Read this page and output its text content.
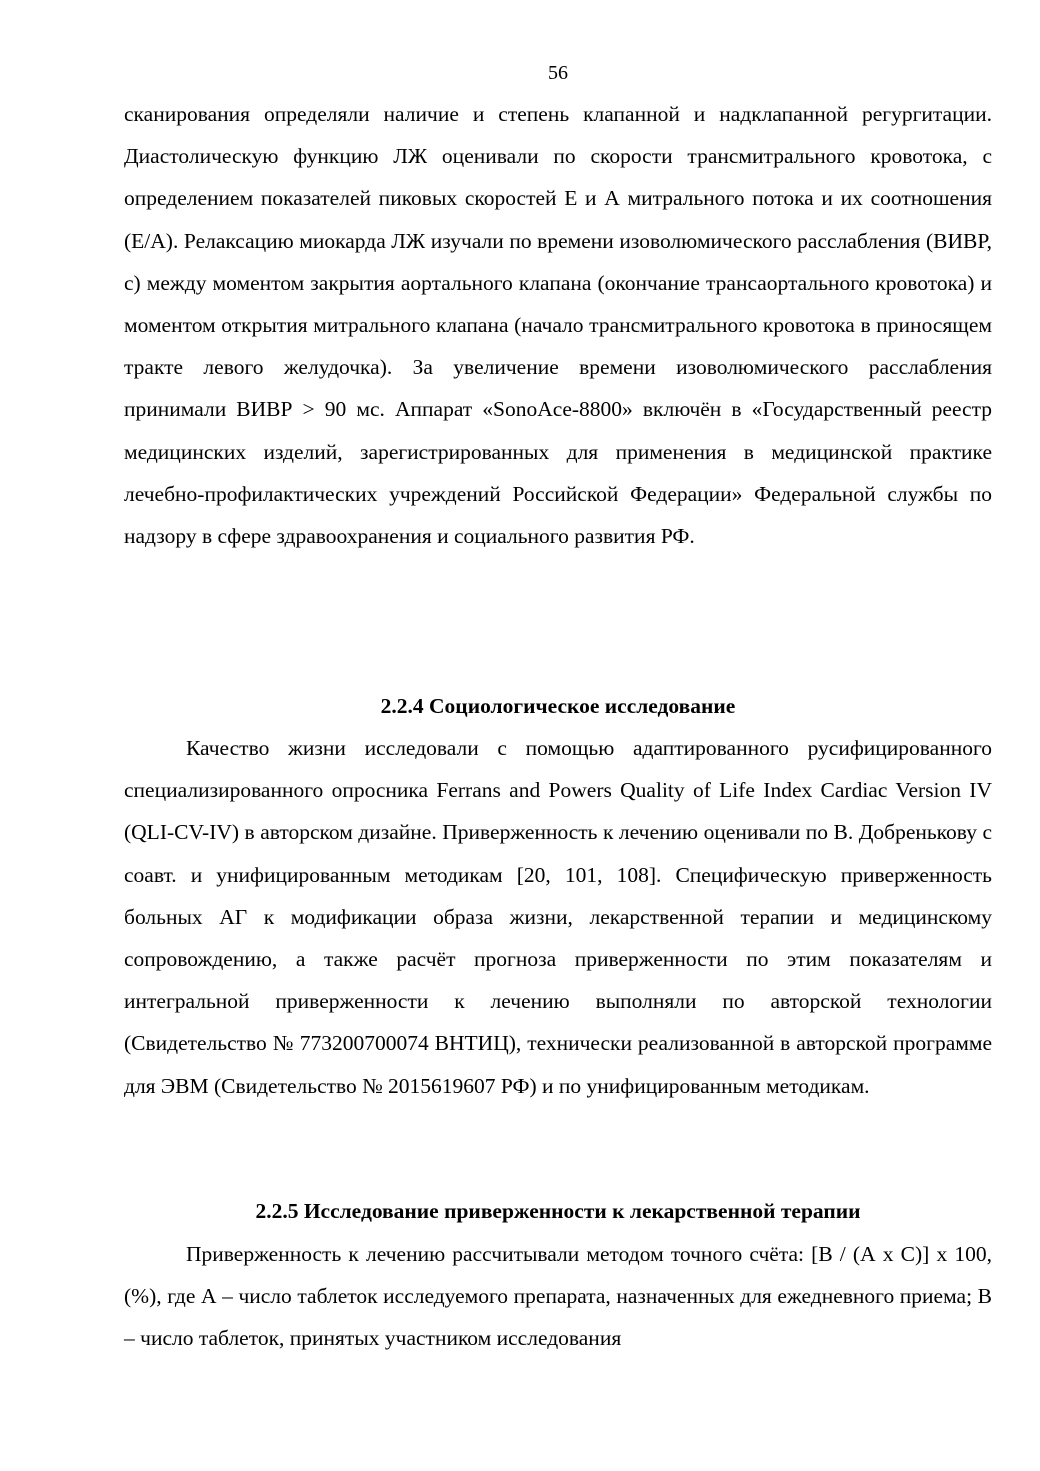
56

сканирования определяли наличие и степень клапанной и надклапанной регургитации. Диастолическую функцию ЛЖ оценивали по скорости трансмитрального кровотока, с определением показателей пиковых скоростей Е и А митрального потока и их соотношения (Е/А). Релаксацию миокарда ЛЖ изучали по времени изоволюмического расслабления (ВИВР, с) между моментом закрытия аортального клапана (окончание трансаортального кровотока) и моментом открытия митрального клапана (начало трансмитрального кровотока в приносящем тракте левого желудочка). За увеличение времени изоволюмического расслабления принимали ВИВР > 90 мс. Аппарат «SonoAce-8800» включён в «Государственный реестр медицинских изделий, зарегистрированных для применения в медицинской практике лечебно-профилактических учреждений Российской Федерации» Федеральной службы по надзору в сфере здравоохранения и социального развития РФ.

2.2.4 Социологическое исследование

Качество жизни исследовали с помощью адаптированного русифицированного специализированного опросника Ferrans and Powers Quality of Life Index Cardiac Version IV (QLI-CV-IV) в авторском дизайне. Приверженность к лечению оценивали по В. Добренькову с соавт. и унифицированным методикам [20, 101, 108]. Специфическую приверженность больных АГ к модификации образа жизни, лекарственной терапии и медицинскому сопровождению, а также расчёт прогноза приверженности по этим показателям и интегральной приверженности к лечению выполняли по авторской технологии (Свидетельство № 773200700074 ВНТИЦ), технически реализованной в авторской программе для ЭВМ (Свидетельство № 2015619607 РФ) и по унифицированным методикам.

2.2.5 Исследование приверженности к лекарственной терапии

Приверженность к лечению рассчитывали методом точного счёта: [В / (А х С)] х 100, (%), где А – число таблеток исследуемого препарата, назначенных для ежедневного приема; В – число таблеток, принятых участником исследования
